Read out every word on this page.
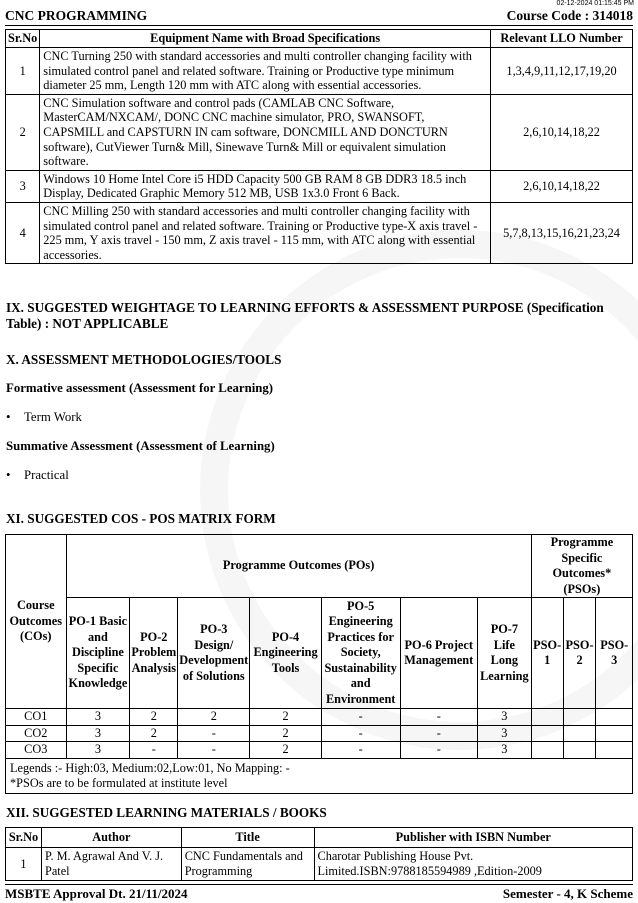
02-12-2024 01:15:45 PM
CNC PROGRAMMING	Course Code : 314018
Sr.No	Equipment Name with Broad Specifications	Relevant LLO Number
1	CNC Turning 250 with standard accessories and multi controller changing facility with simulated control panel and related software. Training or Productive type minimum diameter 25 mm, Length 120 mm with ATC along with essential accessories.	1,3,4,9,11,12,17,19,20
2	CNC Simulation software and control pads (CAMLAB CNC Software, MasterCAM/NXCAM/, DONC CNC machine simulator, PRO, SWANSOFT, CAPSMILL and CAPSTURN IN cam software, DONCMILL AND DONCTURN software), CutViewer Turn& Mill, Sinewave Turn& Mill or equivalent simulation software.	2,6,10,14,18,22
3	Windows 10 Home Intel Core i5 HDD Capacity 500 GB RAM 8 GB DDR3 18.5 inch Display, Dedicated Graphic Memory 512 MB, USB 1x3.0 Front 6 Back.	2,6,10,14,18,22
4	CNC Milling 250 with standard accessories and multi controller changing facility with simulated control panel and related software. Training or Productive type-X axis travel - 225 mm, Y axis travel - 150 mm, Z axis travel - 115 mm, with ATC along with essential accessories.	5,7,8,13,15,16,21,23,24
IX. SUGGESTED WEIGHTAGE TO LEARNING EFFORTS & ASSESSMENT PURPOSE (Specification
Table) : NOT APPLICABLE
X. ASSESSMENT METHODOLOGIES/TOOLS
Formative assessment (Assessment for Learning)
• Term Work
Summative Assessment (Assessment of Learning)
• Practical
XI. SUGGESTED COS - POS MATRIX FORM
Course Outcomes (COs)	Programme Outcomes (POs)							Programme Specific Outcomes* (PSOs)		
	PO-1 Basic and Discipline Specific Knowledge	PO-2 Problem Analysis	PO-3 Design/ Development of Solutions	PO-4 Engineering Tools	PO-5 Engineering Practices for Society, Sustainability and Environment	PO-6 Project Management	PO-7 Life Long Learning	PSO-1	PSO-2	PSO-3
CO1	3	2	2	2	-	-	3			
CO2	3	2	-	2	-	-	3			
CO3	3	-	-	2	-	-	3			

Legends :- High:03, Medium:02,Low:01, No Mapping: -
*PSOs are to be formulated at institute level										
XII. SUGGESTED LEARNING MATERIALS / BOOKS
Sr.No	Author	Title	Publisher with ISBN Number
1	P. M. Agrawal And V. J. Patel	CNC Fundamentals and Programming	Charotar Publishing House Pvt. Limited.ISBN:9788185594989 ,Edition-2009
MSBTE Approval Dt. 21/11/2024	Semester - 4, K Scheme
